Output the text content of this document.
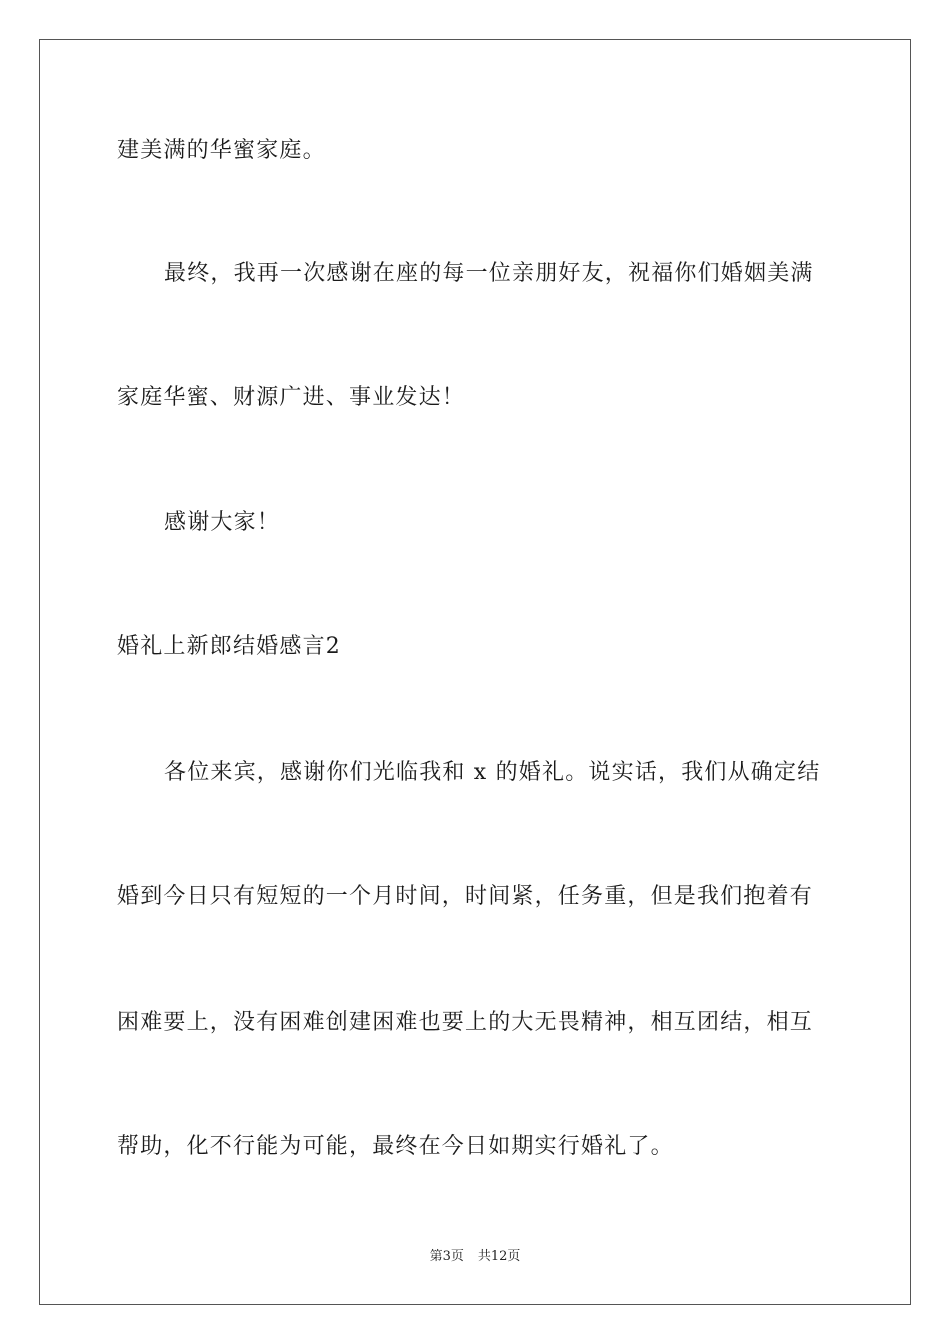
建美满的华蜜家庭。
最终，我再一次感谢在座的每一位亲朋好友，祝福你们婚姻美满
家庭华蜜、财源广进、事业发达！
感谢大家！
婚礼上新郎结婚感言2
各位来宾，感谢你们光临我和 x 的婚礼。说实话，我们从确定结
婚到今日只有短短的一个月时间，时间紧，任务重，但是我们抱着有
困难要上，没有困难创建困难也要上的大无畏精神，相互团结，相互
帮助，化不行能为可能，最终在今日如期实行婚礼了。
第3页 共12页
